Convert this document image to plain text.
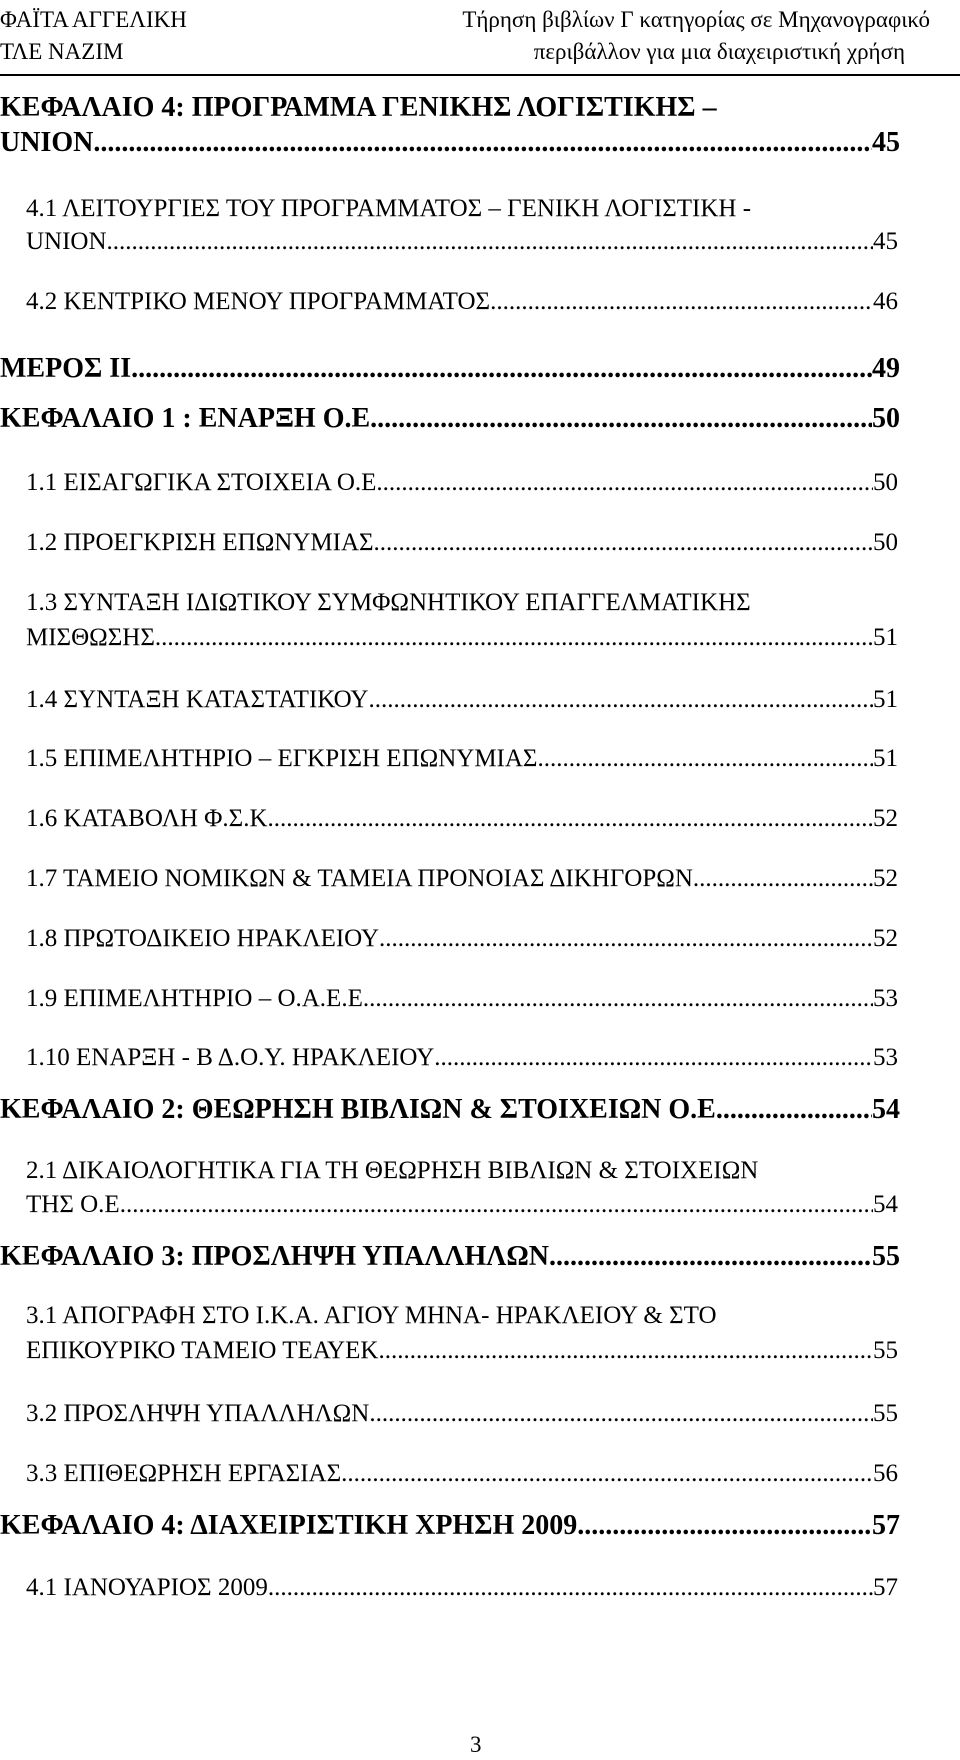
ΦΑΪΤΑ ΑΓΓΕΛΙΚΗ
ΤΛΕ NAZIM
Τήρηση βιβλίων Γ κατηγορίας σε Μηχανογραφικό
περιβάλλον για μια διαχειριστική χρήση
ΚΕΦΑΛΑΙΟ 4: ΠΡΟΓΡΑΜΜΑ ΓΕΝΙΚΗΣ ΛΟΓΙΣΤΙΚΗΣ –
UNION. .....	45
4.1 ΛΕΙΤΟΥΡΓΙΕΣ ΤΟΥ ΠΡΟΓΡΑΜΜΑΤΟΣ – ΓΕΝΙΚΗ ΛΟΓΙΣΤΙΚΗ -
UNION .....	45
4.2 ΚΕΝΤΡΙΚΟ ΜΕΝΟΥ ΠΡΟΓΡΑΜΜΑΤΟΣ .....	46
ΜΕΡΟΣ ΙΙ .....	49
ΚΕΦΑΛΑΙΟ 1 : ΕΝΑΡΞΗ Ο.Ε. .....	50
1.1 ΕΙΣΑΓΩΓΙΚΑ ΣΤΟΙΧΕΙΑ Ο.Ε. .....	50
1.2 ΠΡΟΕΓΚΡΙΣΗ ΕΠΩΝΥΜΙΑΣ .....	50
1.3 ΣΥΝΤΑΞΗ ΙΔΙΩΤΙΚΟΥ ΣΥΜΦΩΝΗΤΙΚΟΥ ΕΠΑΓΓΕΛΜΑΤΙΚΗΣ
ΜΙΣΘΩΣΗΣ .....	51
1.4 ΣΥΝΤΑΞΗ ΚΑΤΑΣΤΑΤΙΚΟΥ .....	51
1.5 ΕΠΙΜΕΛΗΤΗΡΙΟ – ΕΓΚΡΙΣΗ ΕΠΩΝΥΜΙΑΣ .....	51
1.6 ΚΑΤΑΒΟΛΗ Φ.Σ.Κ. .....	52
1.7 ΤΑΜΕΙΟ ΝΟΜΙΚΩΝ & ΤΑΜΕΙΑ ΠΡΟΝΟΙΑΣ ΔΙΚΗΓΟΡΩΝ .....	52
1.8 ΠΡΩΤΟΔΙΚΕΙΟ ΗΡΑΚΛΕΙΟΥ .....	52
1.9 ΕΠΙΜΕΛΗΤΗΡΙΟ – Ο.Α.Ε.Ε. .....	53
1.10 ΕΝΑΡΞΗ - Β Δ.Ο.Υ. ΗΡΑΚΛΕΙΟΥ .....	53
ΚΕΦΑΛΑΙΟ 2: ΘΕΩΡΗΣΗ ΒΙΒΛΙΩΝ & ΣΤΟΙΧΕΙΩΝ Ο.Ε. .....	54
2.1 ΔΙΚΑΙΟΛΟΓΗΤΙΚΑ ΓΙΑ ΤΗ ΘΕΩΡΗΣΗ ΒΙΒΛΙΩΝ & ΣΤΟΙΧΕΙΩΝ
ΤΗΣ Ο.Ε. .....	54
ΚΕΦΑΛΑΙΟ 3: ΠΡΟΣΛΗΨΗ ΥΠΑΛΛΗΛΩΝ .....	55
3.1 ΑΠΟΓΡΑΦΗ ΣΤΟ Ι.Κ.Α. ΑΓΙΟΥ ΜΗΝΑ- ΗΡΑΚΛΕΙΟΥ & ΣΤΟ
ΕΠΙΚΟΥΡΙΚΟ ΤΑΜΕΙΟ ΤΕΑΥΕΚ .....	55
3.2 ΠΡΟΣΛΗΨΗ ΥΠΑΛΛΗΛΩΝ .....	55
3.3 ΕΠΙΘΕΩΡΗΣΗ ΕΡΓΑΣΙΑΣ .....	56
ΚΕΦΑΛΑΙΟ 4: ΔΙΑΧΕΙΡΙΣΤΙΚΗ ΧΡΗΣΗ 2009 .....	57
4.1 ΙΑΝΟΥΑΡΙΟΣ 2009 .....	57
3
